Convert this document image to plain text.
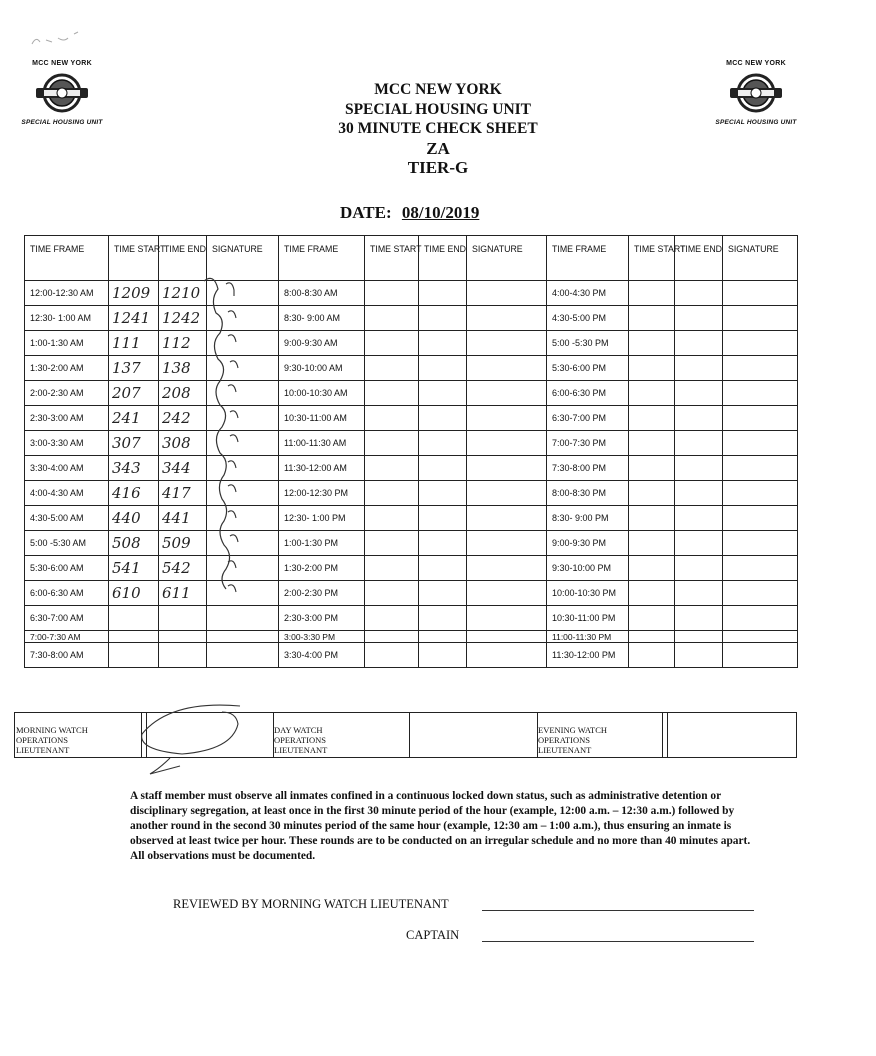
MCC NEW YORK
SPECIAL HOUSING UNIT
MCC NEW YORK
SPECIAL HOUSING UNIT
MCC NEW YORK
SPECIAL HOUSING UNIT
30 MINUTE CHECK SHEET
ZA
TIER-G
DATE: 08/10/2019
TIME FRAME	TIME START	TIME END	SIGNATURE	TIME FRAME	TIME START	TIME END	SIGNATURE	TIME FRAME	TIME START	TIME END	SIGNATURE
12:00-12:30 AM	1209	1210		8:00-8:30 AM				4:00-4:30 PM			
12:30- 1:00 AM	1241	1242		8:30- 9:00 AM				4:30-5:00 PM			
1:00-1:30 AM	111	112		9:00-9:30 AM				5:00 -5:30 PM			
1:30-2:00 AM	137	138		9:30-10:00 AM				5:30-6:00 PM			
2:00-2:30 AM	207	208		10:00-10:30 AM				6:00-6:30 PM			
2:30-3:00 AM	241	242		10:30-11:00 AM				6:30-7:00 PM			
3:00-3:30 AM	307	308		11:00-11:30 AM				7:00-7:30 PM			
3:30-4:00 AM	343	344		11:30-12:00 AM				7:30-8:00 PM			
4:00-4:30 AM	416	417		12:00-12:30 PM				8:00-8:30 PM			
4:30-5:00 AM	440	441		12:30- 1:00 PM				8:30- 9:00 PM			
5:00 -5:30 AM	508	509		1:00-1:30 PM				9:00-9:30 PM			
5:30-6:00 AM	541	542		1:30-2:00 PM				9:30-10:00 PM			
6:00-6:30 AM	610	611		2:00-2:30 PM				10:00-10:30 PM			
6:30-7:00 AM				2:30-3:00 PM				10:30-11:00 PM			
7:00-7:30 AM				3:00-3:30 PM				11:00-11:30 PM			
7:30-8:00 AM				3:30-4:00 PM				11:30-12:00 PM			

MORNING WATCH
OPERATIONS
LIEUTENANT
DAY WATCH
OPERATIONS
LIEUTENANT
EVENING WATCH
OPERATIONS
LIEUTENANT
A staff member must observe all inmates confined in a continuous locked down status, such as administrative detention or disciplinary segregation, at least once in the first 30 minute period of the hour (example, 12:00 a.m. – 12:30 a.m.) followed by another round in the second 30 minutes period of the same hour (example, 12:30 am – 1:00 a.m.), thus ensuring an inmate is observed at least twice per hour. These rounds are to be conducted on an irregular schedule and no more than 40 minutes apart. All observations must be documented.
REVIEWED BY MORNING WATCH LIEUTENANT
CAPTAIN
